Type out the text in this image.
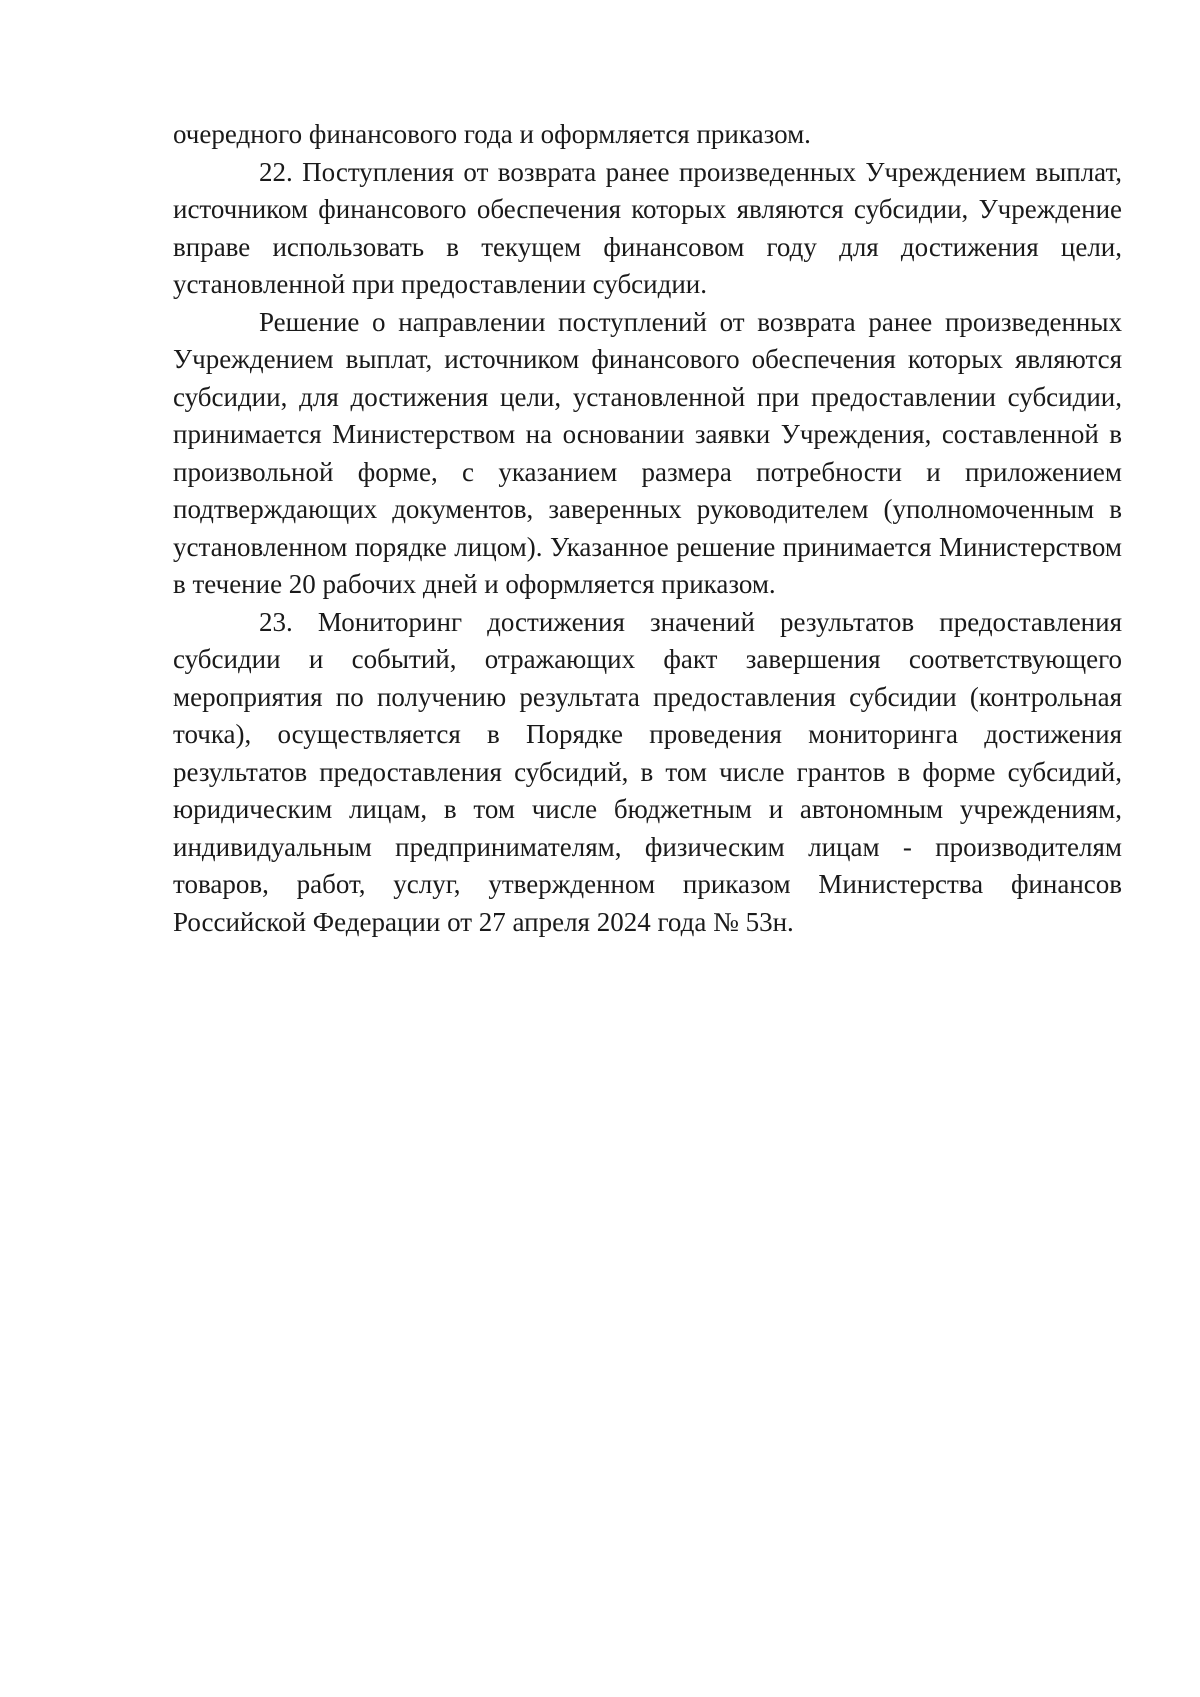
очередного финансового года и оформляется приказом.

22. Поступления от возврата ранее произведенных Учреждением выплат, источником финансового обеспечения которых являются субсидии, Учреждение вправе использовать в текущем финансовом году для достижения цели, установленной при предоставлении субсидии.

Решение о направлении поступлений от возврата ранее произведенных Учреждением выплат, источником финансового обеспечения которых являются субсидии, для достижения цели, установленной при предоставлении субсидии, принимается Министерством на основании заявки Учреждения, составленной в произвольной форме, с указанием размера потребности и приложением подтверждающих документов, заверенных руководителем (уполномоченным в установленном порядке лицом). Указанное решение принимается Министерством в течение 20 рабочих дней и оформляется приказом.

23. Мониторинг достижения значений результатов предоставления субсидии и событий, отражающих факт завершения соответствующего мероприятия по получению результата предоставления субсидии (контрольная точка), осуществляется в Порядке проведения мониторинга достижения результатов предоставления субсидий, в том числе грантов в форме субсидий, юридическим лицам, в том числе бюджетным и автономным учреждениям, индивидуальным предпринимателям, физическим лицам - производителям товаров, работ, услуг, утвержденном приказом Министерства финансов Российской Федерации от 27 апреля 2024 года № 53н.
